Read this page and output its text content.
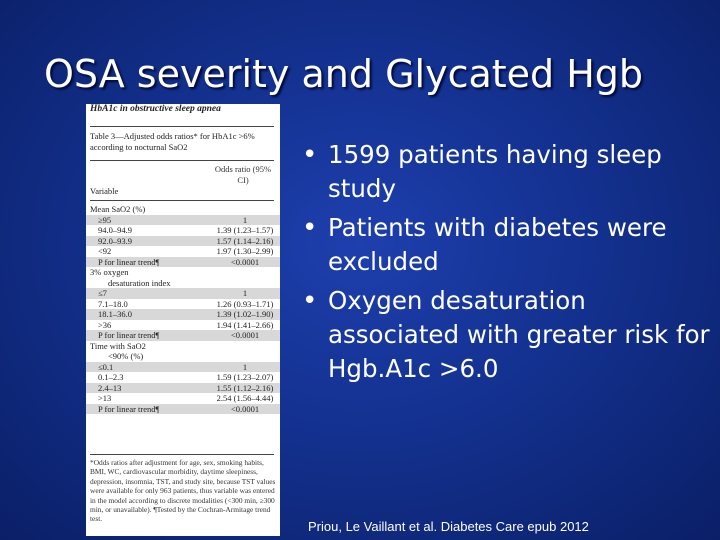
OSA severity and Glycated Hgb
HbA1c in obstructive sleep apnea
Table 3—Adjusted odds ratios* for HbA1c >6% according to nocturnal SaO2
Odds ratio (95% CI)
Variable
Mean SaO2 (%)
≥95	1
94.0–94.9	1.39 (1.23–1.57)
92.0–93.9	1.57 (1.14–2.16)
<92	1.97 (1.30–2.99)
P for linear trend¶	<0.0001
3% oxygen
desaturation index
≤7	1
7.1–18.0	1.26 (0.93–1.71)
18.1–36.0	1.39 (1.02–1.90)
>36	1.94 (1.41–2.66)
P for linear trend¶	<0.0001
Time with SaO2
<90% (%)
≤0.1	1
0.1–2.3	1.59 (1.23–2.07)
2.4–13	1.55 (1.12–2.16)
>13	2.54 (1.56–4.44)
P for linear trend¶	<0.0001
*Odds ratios after adjustment for age, sex, smoking habits, BMI, WC, cardiovascular morbidity, daytime sleepiness, depression, insomnia, TST, and study site, because TST values were available for only 963 patients, thus variable was entered in the model according to discrete modalities (<300 min, ≥300 min, or unavailable). ¶Tested by the Cochran-Armitage trend test.
• 1599 patients having sleep study
• Patients with diabetes were excluded
• Oxygen desaturation associated with greater risk for Hgb.A1c >6.0
Priou, Le Vaillant et al. Diabetes Care epub 2012
